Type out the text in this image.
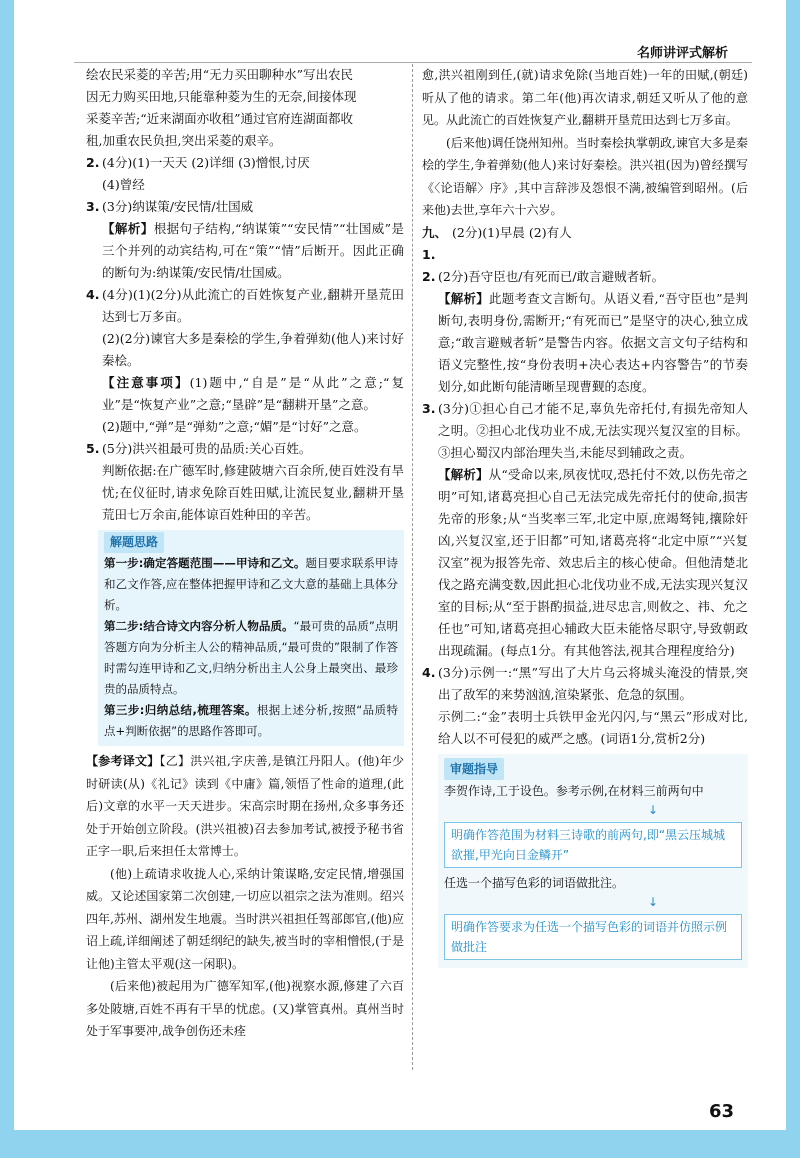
名师讲评式解析

绘农民采菱的辛苦;用“无力买田聊种水”写出农民

因无力购买田地,只能靠种菱为生的无奈,间接体现

采菱辛苦;“近来湖面亦收租”通过官府连湖面都收

租,加重农民负担,突出采菱的艰辛。

2. (4分)(1)一天天 (2)详细 (3)憎恨,讨厌

(4)曾经

3. (3分)纳谋策/安民情/壮国威

【解析】根据句子结构,“纳谋策”“安民情”“壮国威”是三个并列的动宾结构,可在“策”“情”后断开。因此正确的断句为:纳谋策/安民情/壮国威。

4. (4分)(1)(2分)从此流亡的百姓恢复产业,翻耕开垦荒田达到七万多亩。

(2)(2分)谏官大多是秦桧的学生,争着弹劾(他人)来讨好秦桧。

【注意事项】(1)题中,“自是”是“从此”之意;“复业”是“恢复产业”之意;“垦辟”是“翻耕开垦”之意。

(2)题中,“弹”是“弹劾”之意;“媚”是“讨好”之意。

5. (5分)洪兴祖最可贵的品质:关心百姓。

判断依据:在广德军时,修建陂塘六百余所,使百姓没有旱忧;在仪征时,请求免除百姓田赋,让流民复业,翻耕开垦荒田七万余亩,能体谅百姓种田的辛苦。

解题思路

第一步:确定答题范围——甲诗和乙文。题目要求联系甲诗和乙文作答,应在整体把握甲诗和乙文大意的基础上具体分析。

第二步:结合诗文内容分析人物品质。“最可贵的品质”点明答题方向为分析主人公的精神品质,“最可贵的”限制了作答时需勾连甲诗和乙文,归纳分析出主人公身上最突出、最珍贵的品质特点。

第三步:归纳总结,梳理答案。根据上述分析,按照“品质特点+判断依据”的思路作答即可。

【参考译文】【乙】洪兴祖,字庆善,是镇江丹阳人。(他)年少时研读(从)《礼记》读到《中庸》篇,领悟了性命的道理,(此后)文章的水平一天天进步。宋高宗时期在扬州,众多事务还处于开始创立阶段。(洪兴祖被)召去参加考试,被授予秘书省正字一职,后来担任太常博士。

(他)上疏请求收拢人心,采纳计策谋略,安定民情,增强国威。又论述国家第二次创建,一切应以祖宗之法为准则。绍兴四年,苏州、湖州发生地震。当时洪兴祖担任驾部郎官,(他)应诏上疏,详细阐述了朝廷纲纪的缺失,被当时的宰相憎恨,(于是让他)主管太平观(这一闲职)。

(后来他)被起用为广德军知军,(他)视察水源,修建了六百多处陂塘,百姓不再有干旱的忧虑。(又)掌管真州。真州当时处于军事要冲,战争创伤还未痊

愈,洪兴祖刚到任,(就)请求免除(当地百姓)一年的田赋,(朝廷)听从了他的请求。第二年(他)再次请求,朝廷又听从了他的意见。从此流亡的百姓恢复产业,翻耕开垦荒田达到七万多亩。

(后来他)调任饶州知州。当时秦桧执掌朝政,谏官大多是秦桧的学生,争着弹劾(他人)来讨好秦桧。洪兴祖(因为)曾经撰写《〈论语解〉序》,其中言辞涉及怨恨不满,被编管到昭州。(后来他)去世,享年六十六岁。

九、1.

(2分)(1)早晨 (2)有人

2. (2分)吾守臣也/有死而已/敢言避贼者斩。

【解析】此题考查文言断句。从语义看,“吾守臣也”是判断句,表明身份,需断开;“有死而已”是坚守的决心,独立成意;“敢言避贼者斩”是警告内容。依据文言文句子结构和语义完整性,按“身份表明+决心表达+内容警告”的节奏划分,如此断句能清晰呈现曹觐的态度。

3. (3分)①担心自己才能不足,辜负先帝托付,有损先帝知人之明。②担心北伐功业不成,无法实现兴复汉室的目标。③担心蜀汉内部治理失当,未能尽到辅政之责。

【解析】从“受命以来,夙夜忧叹,恐托付不效,以伤先帝之明”可知,诸葛亮担心自己无法完成先帝托付的使命,损害先帝的形象;从“当奖率三军,北定中原,庶竭驽钝,攘除奸凶,兴复汉室,还于旧都”可知,诸葛亮将“北定中原”“兴复汉室”视为报答先帝、效忠后主的核心使命。但他清楚北伐之路充满变数,因此担心北伐功业不成,无法实现兴复汉室的目标;从“至于斟酌损益,进尽忠言,则攸之、祎、允之任也”可知,诸葛亮担心辅政大臣未能恪尽职守,导致朝政出现疏漏。(每点1分。有其他答法,视其合理程度给分)

4. (3分)示例一:“黑”写出了大片乌云将城头淹没的情景,突出了敌军的来势汹汹,渲染紧张、危急的氛围。

示例二:“金”表明士兵铁甲金光闪闪,与“黑云”形成对比,给人以不可侵犯的威严之感。(词语1分,赏析2分)

审题指导

李贺作诗,工于设色。参考示例,在材料三前两句中

↓
明确作答范围为材料三诗歌的前两句,即“黑云压城城欲摧,甲光向日金鳞开”

任选一个描写色彩的词语做批注。

↓
明确作答要求为任选一个描写色彩的词语并仿照示例做批注
63
